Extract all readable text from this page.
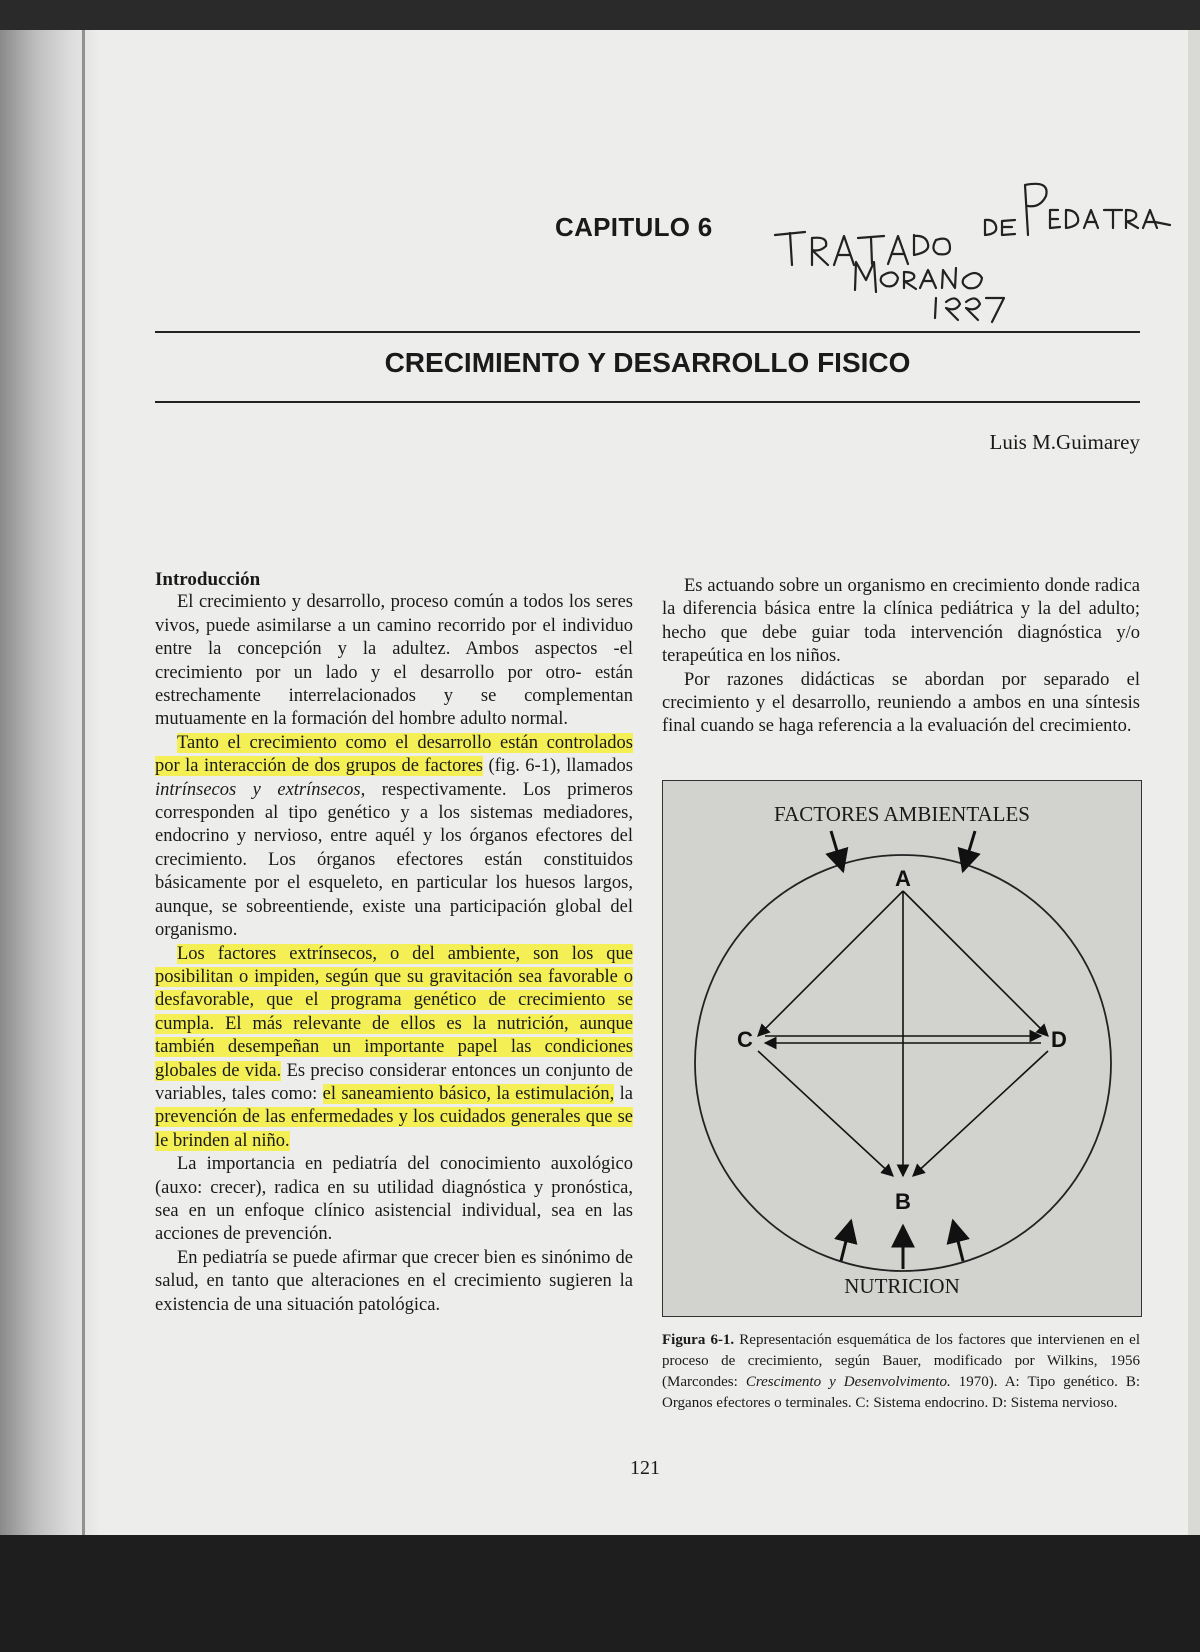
CAPITULO 6
CRECIMIENTO Y DESARROLLO FISICO
Luis M.Guimarey

Introducción

El crecimiento y desarrollo, proceso común a todos los seres vivos, puede asimilarse a un camino recorrido por el individuo entre la concepción y la adultez. Ambos aspectos -el crecimiento por un lado y el desarrollo por otro- están estrechamente interrelacionados y se complementan mutuamente en la formación del hombre adulto normal.

Tanto el crecimiento como el desarrollo están controlados por la interacción de dos grupos de factores (fig. 6-1), llamados intrínsecos y extrínsecos, respectivamente. Los primeros corresponden al tipo genético y a los sistemas mediadores, endocrino y nervioso, entre aquél y los órganos efectores del crecimiento. Los órganos efectores están constituidos básicamente por el esqueleto, en particular los huesos largos, aunque, se sobreentiende, existe una participación global del organismo.

Los factores extrínsecos, o del ambiente, son los que posibilitan o impiden, según que su gravitación sea favorable o desfavorable, que el programa genético de crecimiento se cumpla. El más relevante de ellos es la nutrición, aunque también desempeñan un importante papel las condiciones globales de vida. Es preciso considerar entonces un conjunto de variables, tales como: el saneamiento básico, la estimulación, la prevención de las enfermedades y los cuidados generales que se le brinden al niño.

La importancia en pediatría del conocimiento auxológico (auxo: crecer), radica en su utilidad diagnóstica y pronóstica, sea en un enfoque clínico asistencial individual, sea en las acciones de prevención.

En pediatría se puede afirmar que crecer bien es sinónimo de salud, en tanto que alteraciones en el crecimiento sugieren la existencia de una situación patológica.

Es actuando sobre un organismo en crecimiento donde radica la diferencia básica entre la clínica pediátrica y la del adulto; hecho que debe guiar toda intervención diagnóstica y/o terapeútica en los niños.

Por razones didácticas se abordan por separado el crecimiento y el desarrollo, reuniendo a ambos en una síntesis final cuando se haga referencia a la evaluación del crecimiento.

FACTORES AMBIENTALES
A
B
C	D
NUTRICION
Figura 6-1. Representación esquemática de los factores que intervienen en el proceso de crecimiento, según Bauer, modificado por Wilkins, 1956 (Marcondes: Crescimento y Desenvolvimento. 1970). A: Tipo genético. B: Organos efectores o terminales. C: Sistema endocrino. D: Sistema nervioso.
121
